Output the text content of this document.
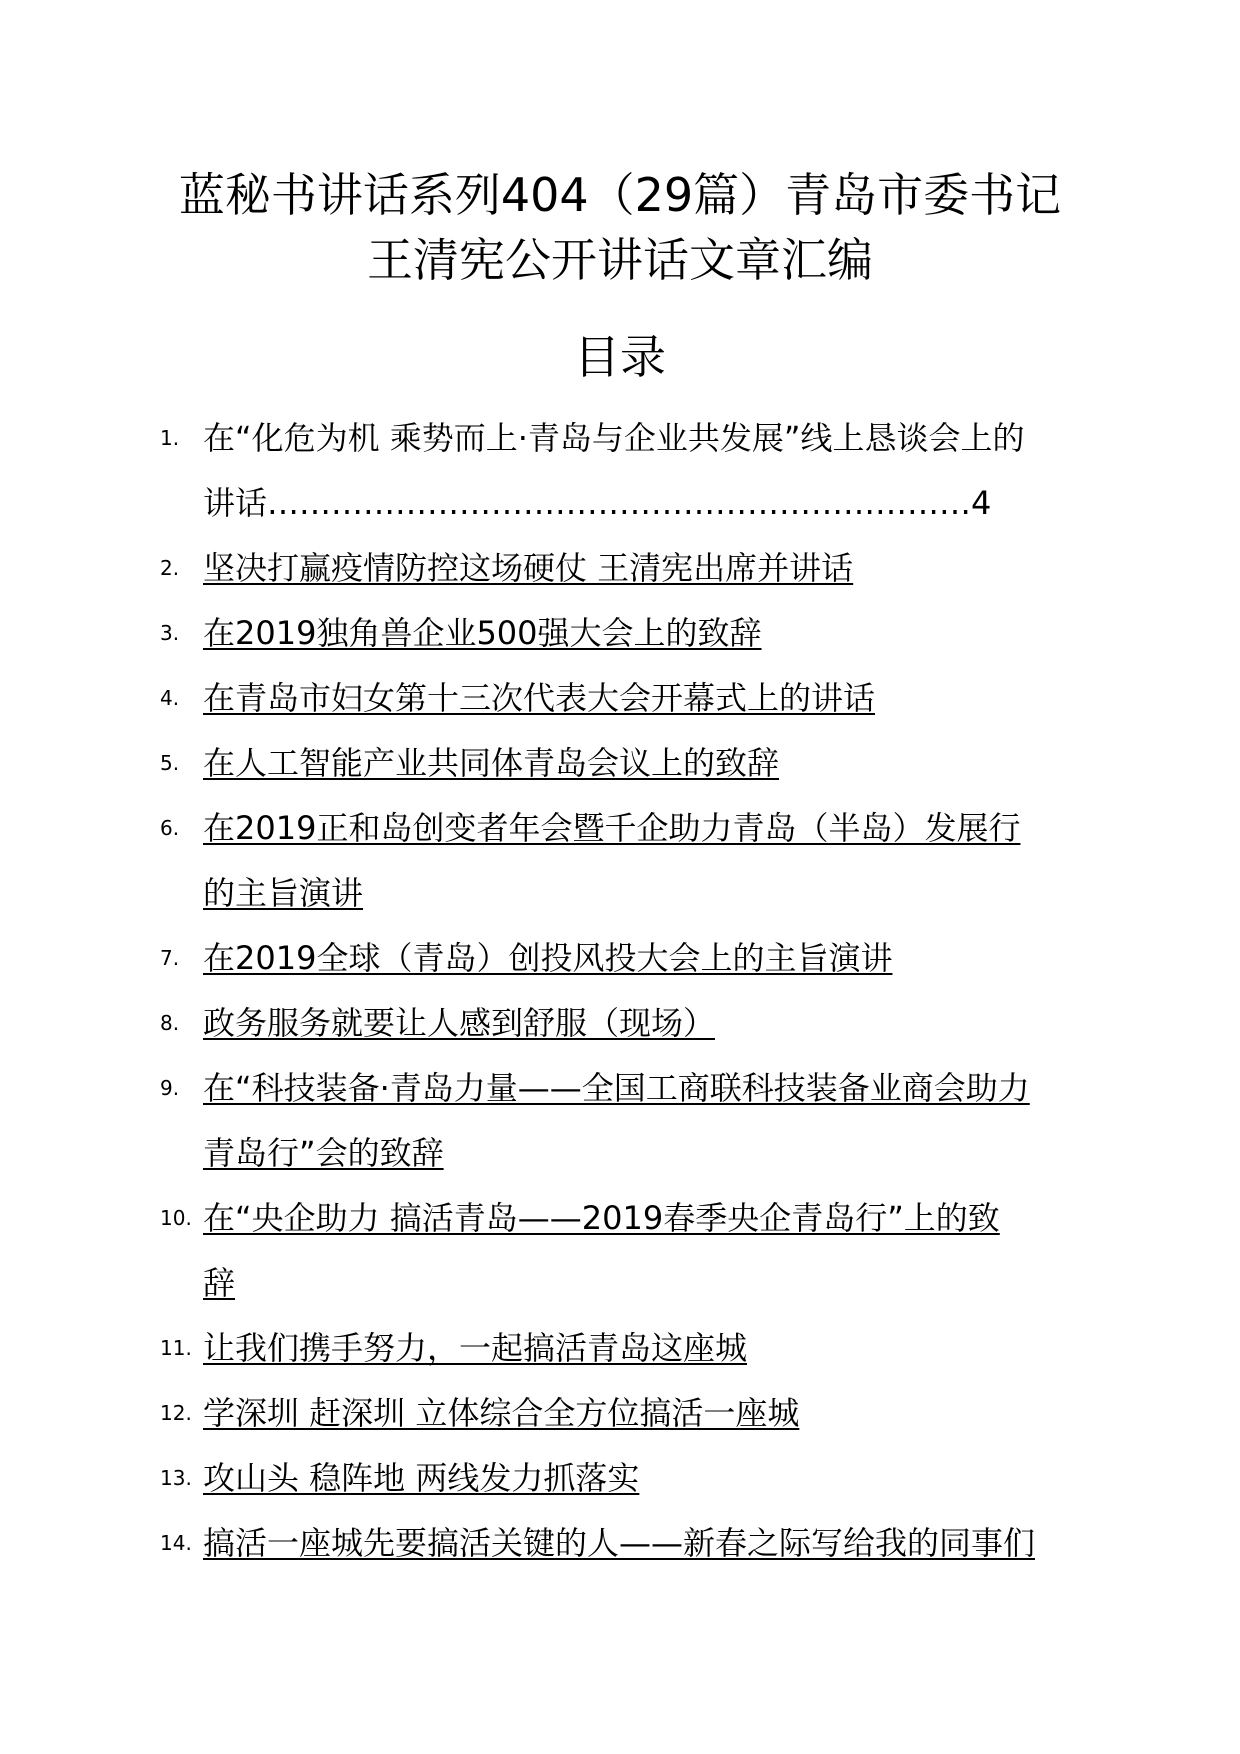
蓝秘书讲话系列404（29篇）青岛市委书记
王清宪公开讲话文章汇编
目录
1. 在“化危为机 乘势而上·青岛与企业共发展”线上恳谈会上的
讲话…………………………………………………………4
2. 坚决打赢疫情防控这场硬仗 王清宪出席并讲话
3. 在2019独角兽企业500强大会上的致辞
4. 在青岛市妇女第十三次代表大会开幕式上的讲话
5. 在人工智能产业共同体青岛会议上的致辞
6. 在2019正和岛创变者年会暨千企助力青岛（半岛）发展行
的主旨演讲
7. 在2019全球（青岛）创投风投大会上的主旨演讲
8. 政务服务就要让人感到舒服（现场）
9. 在“科技装备·青岛力量——全国工商联科技装备业商会助力
青岛行”会的致辞
10. 在“央企助力 搞活青岛——2019春季央企青岛行”上的致
辞
11. 让我们携手努力，一起搞活青岛这座城
12. 学深圳 赶深圳 立体综合全方位搞活一座城
13. 攻山头 稳阵地 两线发力抓落实
14. 搞活一座城先要搞活关键的人——新春之际写给我的同事们
